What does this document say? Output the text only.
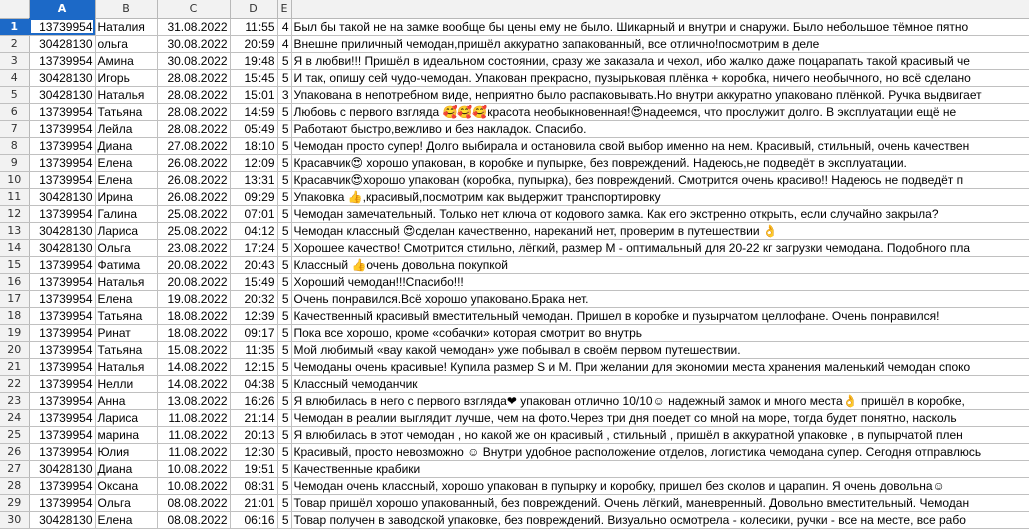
	A	B	C	D	E	
1	13739954	Наталия	31.08.2022	11:55	4	Был бы такой не на замке вообще бы цены ему не было. Шикарный и внутри и снаружи. Было небольшое тёмное пятно
2	30428130	ольга	30.08.2022	20:59	4	Внешне приличный чемодан,пришёл аккуратно запакованный, все отлично!посмотрим в деле
3	13739954	Амина	30.08.2022	19:48	5	Я в любви!!! Пришёл в идеальном состоянии, сразу же заказала и чехол, ибо жалко даже поцарапать такой красивый че
4	30428130	Игорь	28.08.2022	15:45	5	И так, опишу сей чудо-чемодан. Упакован прекрасно, пузырьковая плёнка + коробка, ничего необычного, но всё сделано
5	30428130	Наталья	28.08.2022	15:01	3	Упакована в непотребном виде, неприятно было распаковывать.Но внутри аккуратно упаковано плёнкой. Ручка выдвигает
6	13739954	Татьяна	28.08.2022	14:59	5	Любовь с первого взгляда 🥰🥰🥰красота необыкновенная!😍надеемся, что прослужит долго. В эксплуатации ещё не
7	13739954	Лейла	28.08.2022	05:49	5	Работают быстро,вежливо и без накладок. Спасибо.
8	13739954	Диана	27.08.2022	18:10	5	Чемодан просто супер! Долго выбирала и остановила свой выбор именно на нем. Красивый, стильный, очень качествен
9	13739954	Елена	26.08.2022	12:09	5	Красавчик😍 хорошо упакован, в коробке и пупырке, без повреждений. Надеюсь,не подведёт в эксплуатации.
10	13739954	Елена	26.08.2022	13:31	5	Красавчик😍хорошо упакован (коробка, пупырка), без повреждений. Смотрится очень красиво!! Надеюсь не подведёт п
11	30428130	Ирина	26.08.2022	09:29	5	Упаковка 👍,красивый,посмотрим как выдержит транспортировку
12	13739954	Галина	25.08.2022	07:01	5	Чемодан замечательный. Только нет ключа от кодового замка. Как его экстренно открыть, если случайно закрыла?
13	30428130	Лариса	25.08.2022	04:12	5	Чемодан классный 😍сделан качественно, нареканий нет, проверим в путешествии 👌
14	30428130	Ольга	23.08.2022	17:24	5	Хорошее качество! Смотрится стильно, лёгкий, размер М - оптимальный для 20-22 кг загрузки чемодана. Подобного пла
15	13739954	Фатима	20.08.2022	20:43	5	Классный 👍очень довольна покупкой
16	13739954	Наталья	20.08.2022	15:49	5	Хороший чемодан!!!Спасибо!!!
17	13739954	Елена	19.08.2022	20:32	5	Очень понравился.Всё хорошо упаковано.Брака нет.
18	13739954	Татьяна	18.08.2022	12:39	5	Качественный красивый вместительный чемодан. Пришел в коробке и пузырчатом целлофане. Очень понравился!
19	13739954	Ринат	18.08.2022	09:17	5	Пока все хорошо, кроме «собачки» которая смотрит во внутрь
20	13739954	Татьяна	15.08.2022	11:35	5	Мой любимый «вау какой чемодан» уже побывал в своём первом путешествии.
21	13739954	Наталья	14.08.2022	12:15	5	Чемоданы очень красивые! Купила размер S и M. При желании для экономии места хранения маленький чемодан споко
22	13739954	Нелли	14.08.2022	04:38	5	Классный чемоданчик
23	13739954	Анна	13.08.2022	16:26	5	Я влюбилась в него с первого взгляда❤ упакован отлично 10/10☺ надежный замок и много места👌 пришёл в коробке,
24	13739954	Лариса	11.08.2022	21:14	5	Чемодан в реалии выглядит лучше, чем на фото.Через три дня поедет со мной на море, тогда будет понятно, насколь
25	13739954	марина	11.08.2022	20:13	5	Я влюбилась в этот чемодан , но какой же он красивый , стильный , пришёл в аккуратной упаковке , в пупырчатой плен
26	13739954	Юлия	11.08.2022	12:30	5	Красивый, просто невозможно ☺ Внутри удобное расположение отделов, логистика чемодана супер. Сегодня отправлюсь
27	30428130	Диана	10.08.2022	19:51	5	Качественные крабики
28	13739954	Оксана	10.08.2022	08:31	5	Чемодан очень классный, хорошо упакован в пупырку и коробку, пришел без сколов и царапин. Я очень довольна☺
29	13739954	Ольга	08.08.2022	21:01	5	Товар пришёл хорошо упакованный, без повреждений. Очень лёгкий, маневренный. Довольно вместительный. Чемодан
30	30428130	Елена	08.08.2022	06:16	5	Товар получен в заводской упаковке, без повреждений. Визуально осмотрела - колесики, ручки - все на месте, все рабо
